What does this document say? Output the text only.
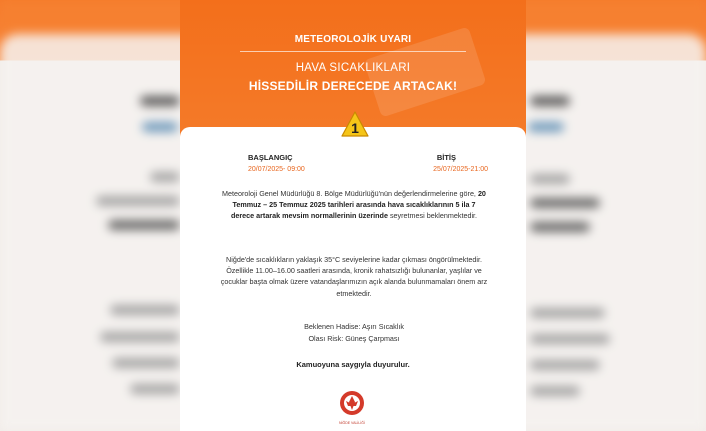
METEOROLOJİK UYARI
HAVA SICAKLIKLARI
HİSSEDİLİR DERECEDE ARTACAK!
BAŞLANGIÇ
20/07/2025- 09:00
BİTİŞ
25/07/2025-21:00
Meteoroloji Genel Müdürlüğü 8. Bölge Müdürlüğü'nün değerlendirmelerine göre, 20 Temmuz – 25 Temmuz 2025 tarihleri arasında hava sıcaklıklarının 5 ila 7 derece artarak mevsim normallerinin üzerinde seyretmesi beklenmektedir.
Niğde'de sıcaklıkların yaklaşık 35°C seviyelerine kadar çıkması öngörülmektedir. Özellikle 11.00–16.00 saatleri arasında, kronik rahatsızlığı bulunanlar, yaşlılar ve çocuklar başta olmak üzere vatandaşlarımızın açık alanda bulunmamaları önem arz etmektedir.
Beklenen Hadise: Aşırı Sıcaklık
Olası Risk: Güneş Çarpması
1
Kamuoyuna saygıyla duyurulur.
NİĞDE VALİLİĞİ
